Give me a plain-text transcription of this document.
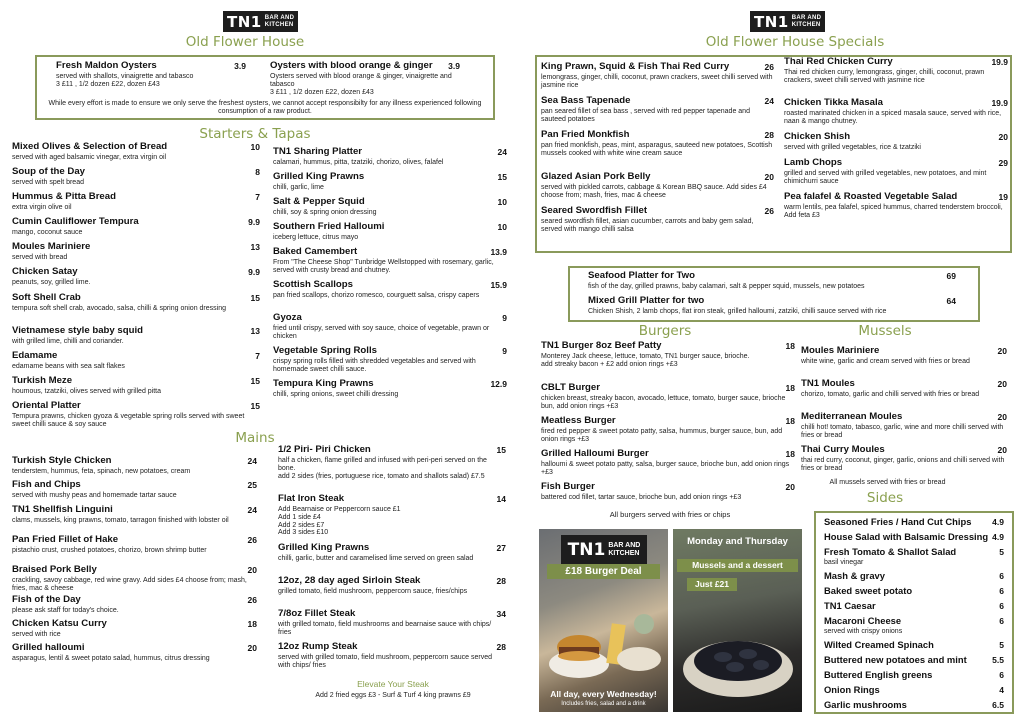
TN1 BAR AND
KITCHEN
Old Flower House
Fresh Maldon Oysters	3.9
served with shallots, vinaigrette and tabasco
3 £11 , 1/2 dozen £22, dozen £43
Oysters with blood orange & ginger	3.9
Oysters served with blood orange & ginger, vinaigrette and tabasco
3 £11 , 1/2 dozen £22, dozen £43
While every effort is made to ensure we only serve the freshest oysters, we cannot accept responsibilty for any illness experienced following consumption of a raw product.
Starters & Tapas
Mixed Olives & Selection of Bread	10
served with aged balsamic vinegar, extra virgin oil
Soup of the Day	8
served with spelt bread
Hummus & Pitta Bread	7
extra virgin olive oil
Cumin Cauliflower Tempura	9.9
mango, coconut sauce
Moules Mariniere	13
served with bread
Chicken Satay	9.9
peanuts, soy, grilled lime.
Soft Shell Crab	15
tempura soft shell crab, avocado, salsa, chilli & spring onion dressing
Vietnamese style baby squid	13
with grilled lime, chilli and coriander.
Edamame	7
edamame beans with sea salt flakes
Turkish Meze	15
houmous, tzatziki, olives served with grilled pitta
Oriental Platter	15
Tempura prawns, chicken gyoza & vegetable spring rolls served with sweet sweet chilli sauce & soy sauce
TN1 Sharing Platter	24
calamari, hummus, pitta, tzatziki, chorizo, olives, falafel
Grilled King Prawns	15
chilli, garlic, lime
Salt & Pepper Squid	10
chilli, soy & spring onion dressing
Southern Fried Halloumi	10
iceberg lettuce, citrus mayo
Baked Camembert	13.9
From "The Cheese Shop" Tunbridge Wellstopped with rosemary, garlic, served with crusty bread and chutney.
Scottish Scallops	15.9
pan fried scallops, chorizo romesco, courguett salsa, crispy capers
Gyoza	9
fried until crispy, served with soy sauce, choice of vegetable, prawn or chicken
Vegetable Spring Rolls	9
crispy spring rolls filled with shredded vegetables and served with homemade sweet chilli sauce.
Tempura King Prawns	12.9
chilli, spring onions, sweet chilli dressing
Mains
Turkish Style Chicken	24
tenderstem, hummus, feta, spinach, new potatoes, cream
Fish and Chips	25
served with mushy peas and homemade tartar sauce
TN1 Shellfish Linguini	24
clams, mussels, king prawns, tomato, tarragon finished with lobster oil
Pan Fried Fillet of Hake	26
pistachio crust, crushed potatoes, chorizo, brown shrimp butter
Braised Pork Belly	20
crackling, savoy cabbage, red wine gravy. Add sides £4 choose from; mash, fries, mac & cheese
Fish of the Day	26
please ask staff for today's choice.
Chicken Katsu Curry	18
served with rice
Grilled halloumi	20
asparagus, lentil & sweet potato salad, hummus, citrus dressing
1/2 Piri- Piri Chicken	15
half a chicken, flame grilled and infused with peri-peri served on the bone.
add 2 sides (fries, portuguese rice, tomato and shallots salad) £7.5
Flat Iron Steak	14
Add Bearnaise or Peppercorn sauce £1
Add 1 side £4
Add 2 sides £7
Add 3 sides £10
Grilled King Prawns	27
chilli, garlic, butter and caramelised lime served on green salad
12oz, 28 day aged Sirloin Steak	28
grilled tomato, field mushroom, peppercorn sauce, fries/chips
7/8oz Fillet Steak	34
with grilled tomato, field mushrooms and bearnaise sauce with chips/ fries
12oz Rump Steak	28
served with grilled tomato, field mushroom, peppercorn sauce served with chips/ fries
Elevate Your Steak
Add 2 fried eggs £3 - Surf & Turf 4 king prawns £9
TN1 BAR AND
KITCHEN
Old Flower House Specials
King Prawn, Squid & Fish Thai Red Curry	26
lemongrass, ginger, chilli, coconut, prawn crackers, sweet chilli served with jasmine rice
Sea Bass Tapenade	24
pan seared fillet of sea bass , served with red pepper tapenade and sauteed potatoes
Pan Fried Monkfish	28
pan fried monkfish, peas, mint, asparagus, sauteed new potatoes, Scottish mussels cooked with white wine cream sauce
Glazed Asian Pork Belly	20
served with pickled carrots, cabbage & Korean BBQ sauce. Add sides £4 choose from; mash, fries, mac & cheese
Seared Swordfish Fillet	26
seared swordfish fillet, asian cucumber, carrots and baby gem salad, served with mango chilli salsa
Thai Red Chicken Curry	19.9
Thai red chicken curry, lemongrass, ginger, chilli, coconut, prawn crackers, sweet chilli served with jasmine rice
Chicken Tikka Masala	19.9
roasted marinated chicken in a spiced masala sauce, served with rice, naan & mango chutney.
Chicken Shish	20
served with grilled vegetables, rice & tzatziki
Lamb Chops	29
grilled and served with grilled vegetables, new potatoes, and mint chimichurri sauce
Pea falafel & Roasted Vegetable Salad	19
warm lentils, pea falafel, spiced hummus, charred tenderstem broccoli, Add feta £3
Seafood Platter for Two	69
fish of the day, grilled prawns, baby calamari, salt & pepper squid, mussels, new potatoes
Mixed Grill Platter for two	64
Chicken Shish, 2 lamb chops, flat iron steak, grilled halloumi, zatziki, chilli sauce served with rice
Burgers
TN1 Burger 8oz Beef Patty	18
Monterey Jack cheese, lettuce, tomato, TN1 burger sauce, brioche.
add streaky bacon + £2 add onion rings +£3
CBLT Burger	18
chicken breast, streaky bacon, avocado, lettuce, tomato, burger sauce, brioche bun, add onion rings +£3
Meatless Burger	18
fired red pepper & sweet potato patty, salsa, hummus, burger sauce, bun, add onion rings +£3
Grilled Halloumi Burger	18
halloumi & sweet potato patty, salsa, burger sauce, brioche bun, add onion rings +£3
Fish Burger	20
battered cod fillet, tartar sauce, brioche bun, add onion rings +£3
All burgers served with fries or chips
Mussels
Moules Mariniere	20
white wine, garlic and cream served with fries or bread
TN1 Moules	20
chorizo, tomato, garlic and chilli served with fries or bread
Mediterranean Moules	20
chilli hot! tomato, tabasco, garlic, wine and more chilli served with fries or bread
Thai Curry Moules	20
thai red curry, coconut, ginger, garlic, onions and chilli served with fries or bread
All mussels served with fries or bread
Sides
Seasoned Fries / Hand Cut Chips	4.9
House Salad with Balsamic Dressing 4.9
Fresh Tomato & Shallot Salad	5
basil vinegar
Mash & gravy	6
Baked sweet potato	6
TN1 Caesar	6
Macaroni Cheese	6
served with crispy onions
Wilted Creamed Spinach	5
Buttered new potatoes and mint	5.5
Buttered English greens	6
Onion Rings	4
Garlic mushrooms	6.5
TN1 BAR AND
KITCHEN
£18 Burger Deal
All day, every Wednesday!
Includes fries, salad and a drink
Monday and Thursday
Mussels and a dessert
Just £21
